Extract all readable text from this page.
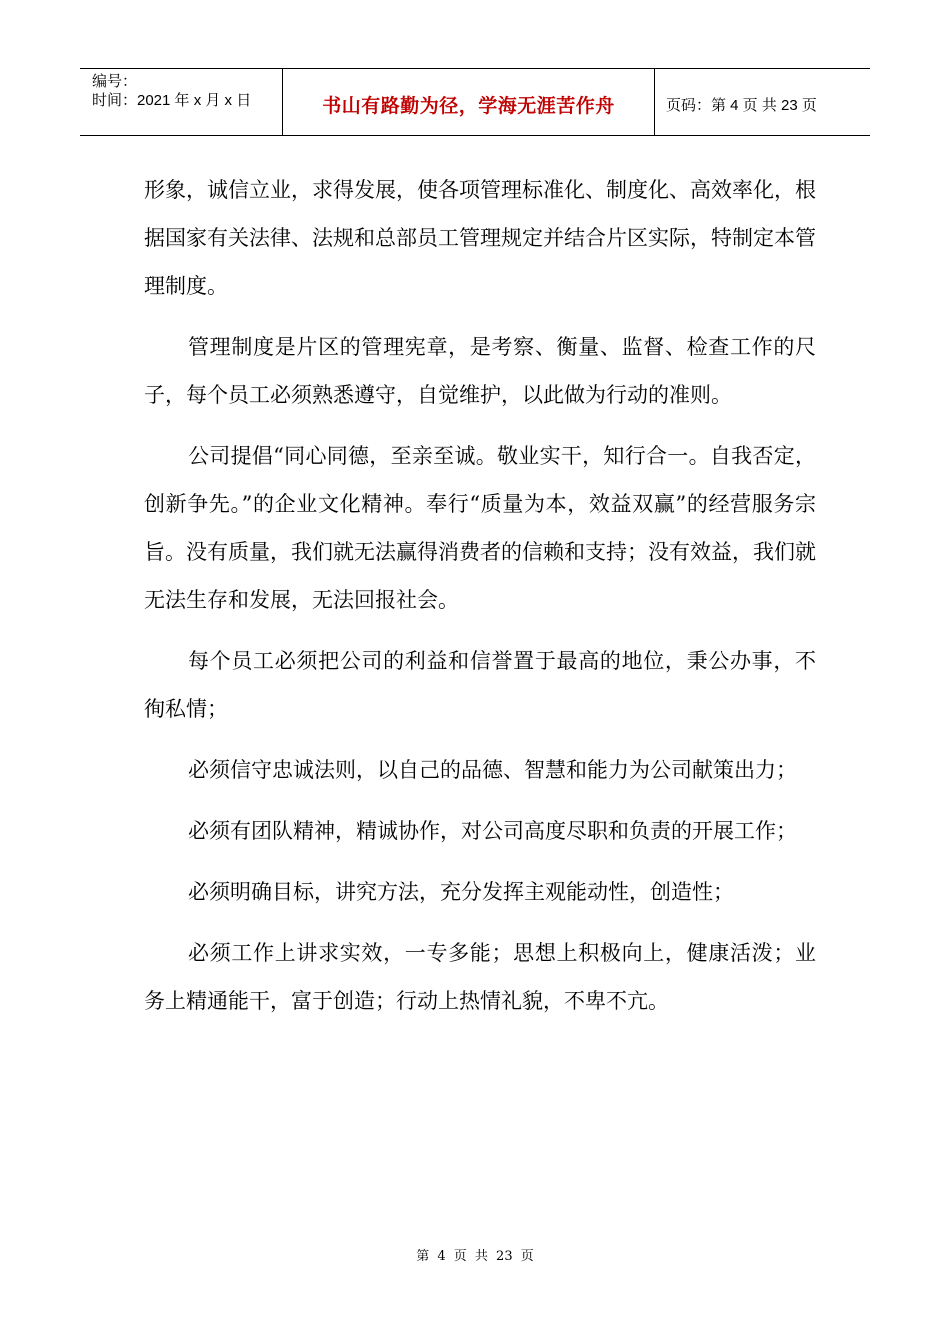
编号：
时间：2021 年 x 月 x 日	书山有路勤为径，学海无涯苦作舟	页码：第 4 页 共 23 页

形象，诚信立业，求得发展，使各项管理标准化、制度化、高效率化，根据国家有关法律、法规和总部员工管理规定并结合片区实际，特制定本管理制度。

管理制度是片区的管理宪章，是考察、衡量、监督、检查工作的尺子，每个员工必须熟悉遵守，自觉维护，以此做为行动的准则。

公司提倡“同心同德，至亲至诚。敬业实干，知行合一。自我否定，创新争先。”的企业文化精神。奉行“质量为本，效益双赢”的经营服务宗旨。没有质量，我们就无法赢得消费者的信赖和支持；没有效益，我们就无法生存和发展，无法回报社会。

每个员工必须把公司的利益和信誉置于最高的地位，秉公办事，不徇私情；

必须信守忠诚法则，以自己的品德、智慧和能力为公司献策出力；

必须有团队精神，精诚协作，对公司高度尽职和负责的开展工作；

必须明确目标，讲究方法，充分发挥主观能动性，创造性；

必须工作上讲求实效，一专多能；思想上积极向上，健康活泼；业务上精通能干，富于创造；行动上热情礼貌，不卑不亢。

第 4 页 共 23 页
